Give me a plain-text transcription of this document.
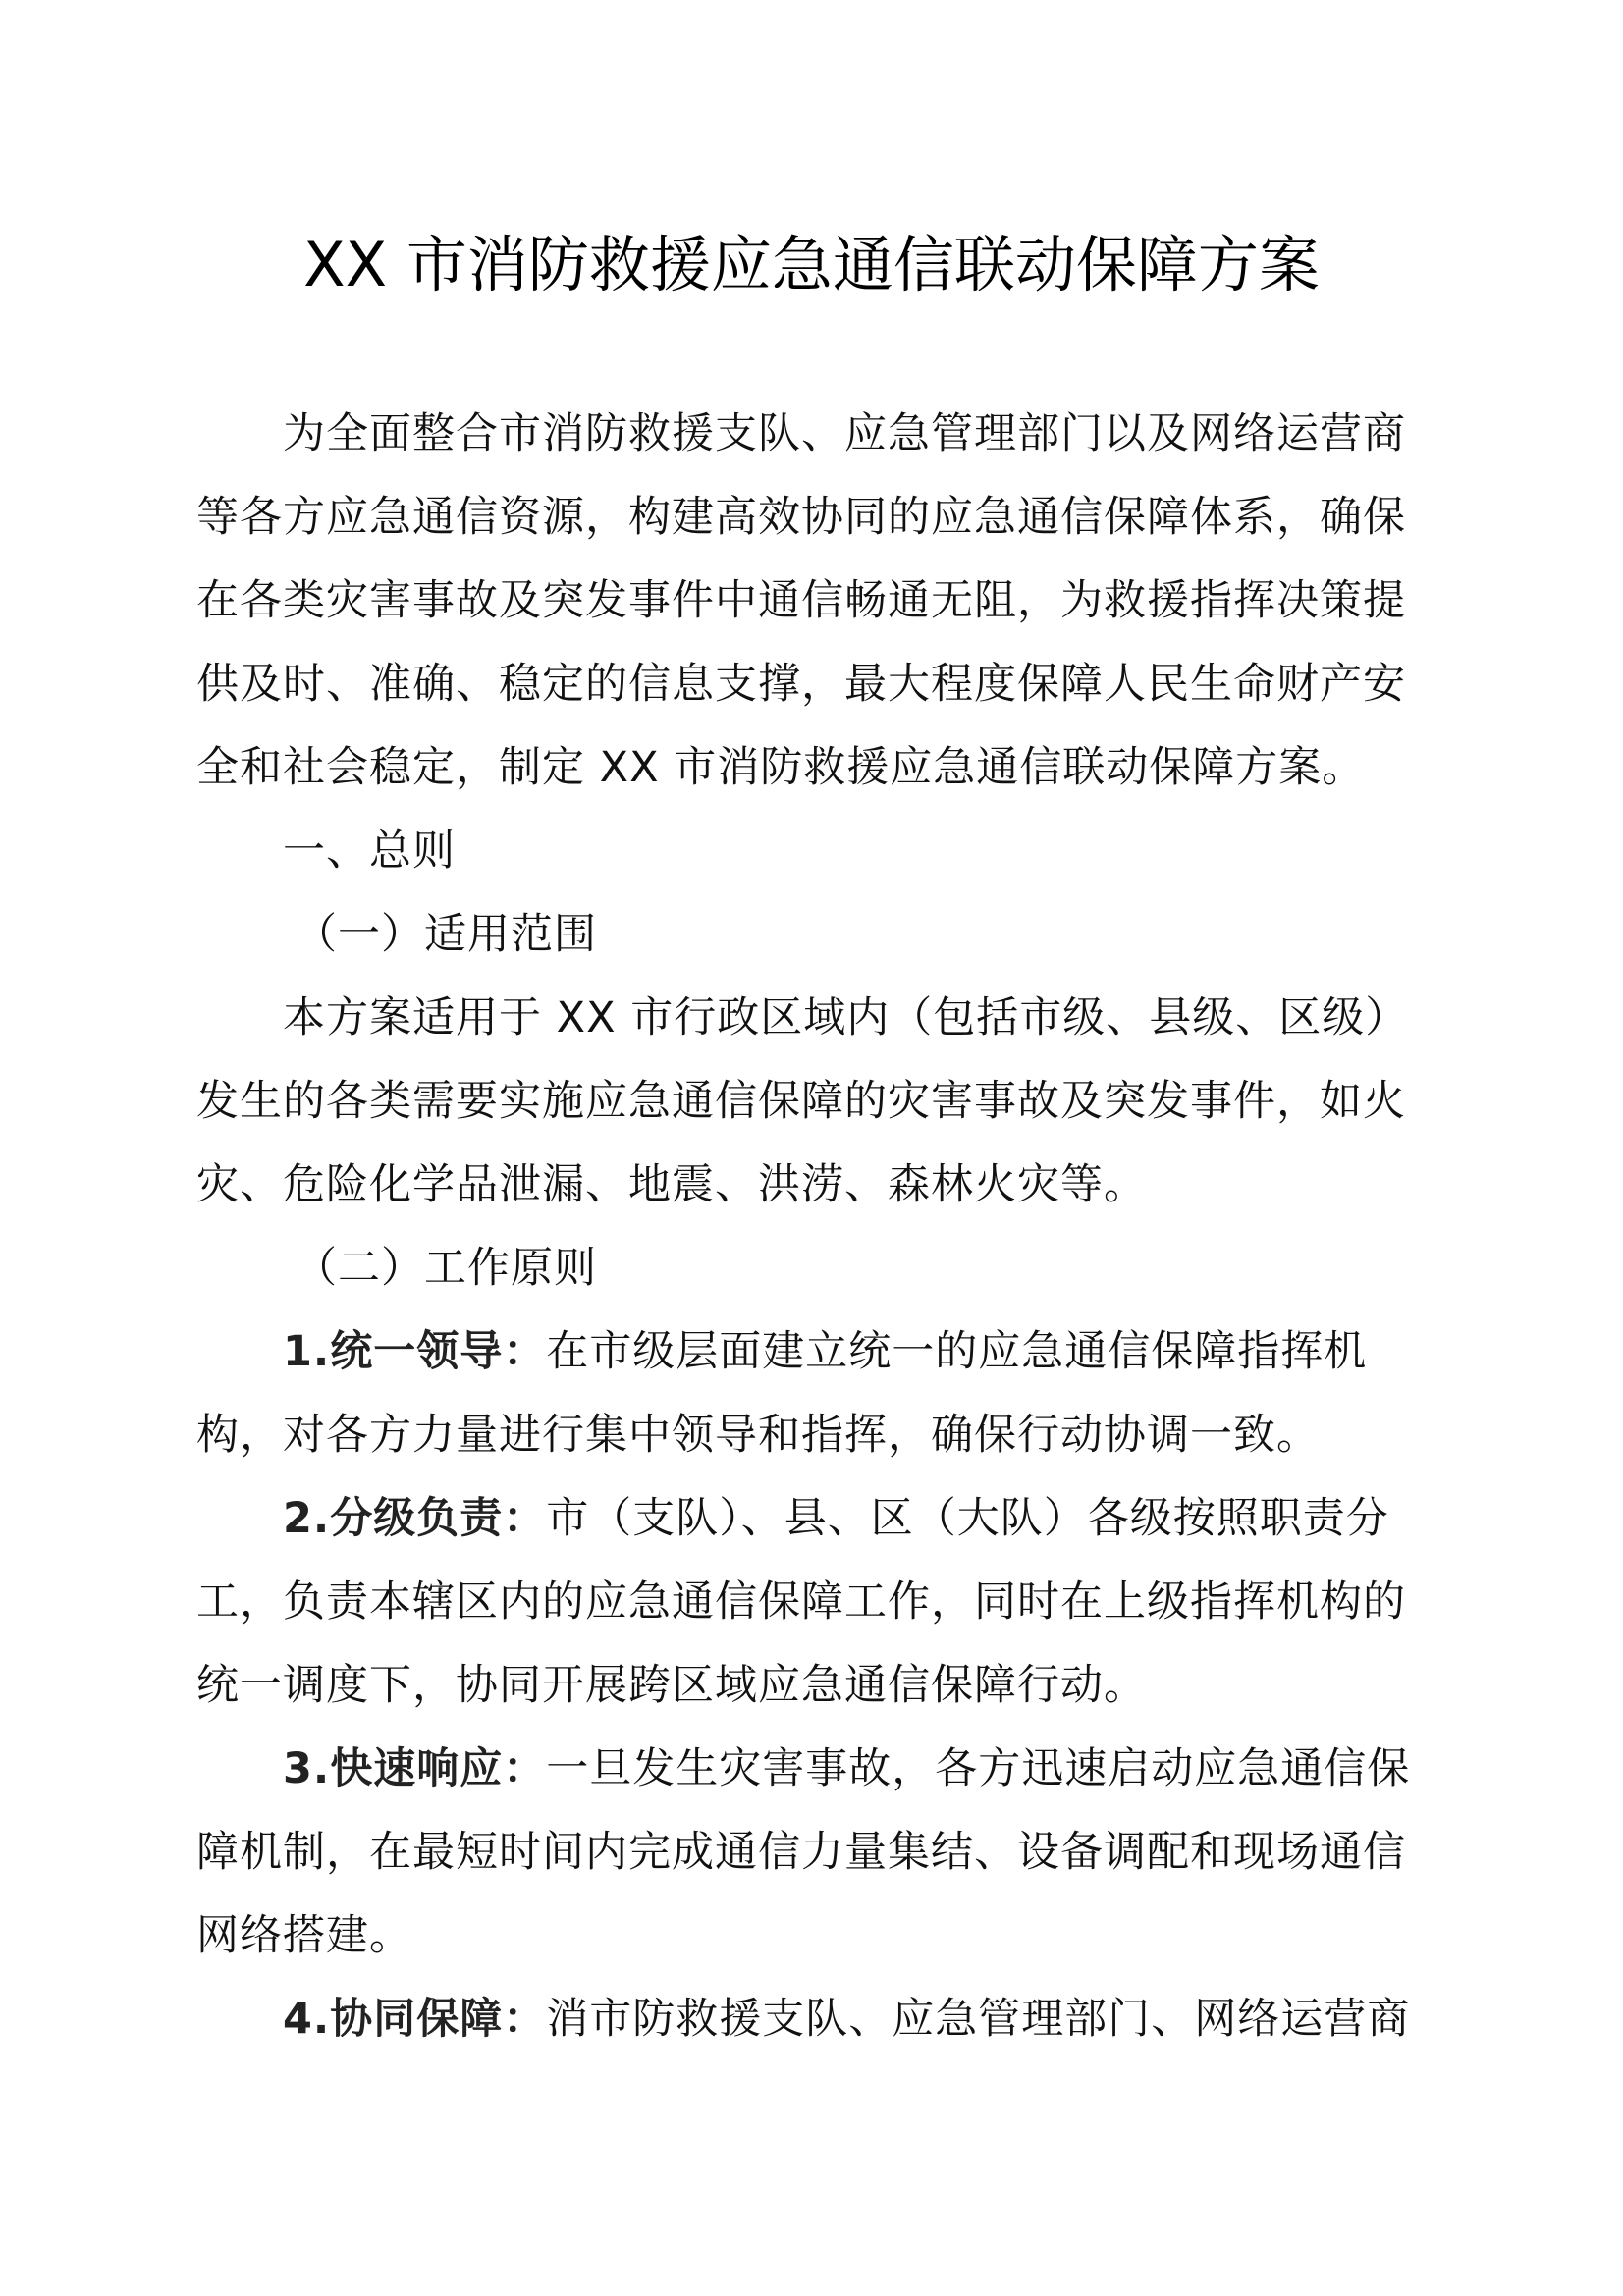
XX 市消防救援应急通信联动保障方案
为全面整合市消防救援支队、应急管理部门以及网络运营商
等各方应急通信资源，构建高效协同的应急通信保障体系，确保
在各类灾害事故及突发事件中通信畅通无阻，为救援指挥决策提
供及时、准确、稳定的信息支撑，最大程度保障人民生命财产安
全和社会稳定，制定 XX 市消防救援应急通信联动保障方案。
一、总则
（一）适用范围
本方案适用于 XX 市行政区域内（包括市级、县级、区级）
发生的各类需要实施应急通信保障的灾害事故及突发事件，如火
灾、危险化学品泄漏、地震、洪涝、森林火灾等。
（二）工作原则
1.统一领导：在市级层面建立统一的应急通信保障指挥机
构，对各方力量进行集中领导和指挥，确保行动协调一致。
2.分级负责：市（支队）、县、区（大队）各级按照职责分
工，负责本辖区内的应急通信保障工作，同时在上级指挥机构的
统一调度下，协同开展跨区域应急通信保障行动。
3.快速响应：一旦发生灾害事故，各方迅速启动应急通信保
障机制，在最短时间内完成通信力量集结、设备调配和现场通信
网络搭建。
4.协同保障：消市防救援支队、应急管理部门、网络运营商
